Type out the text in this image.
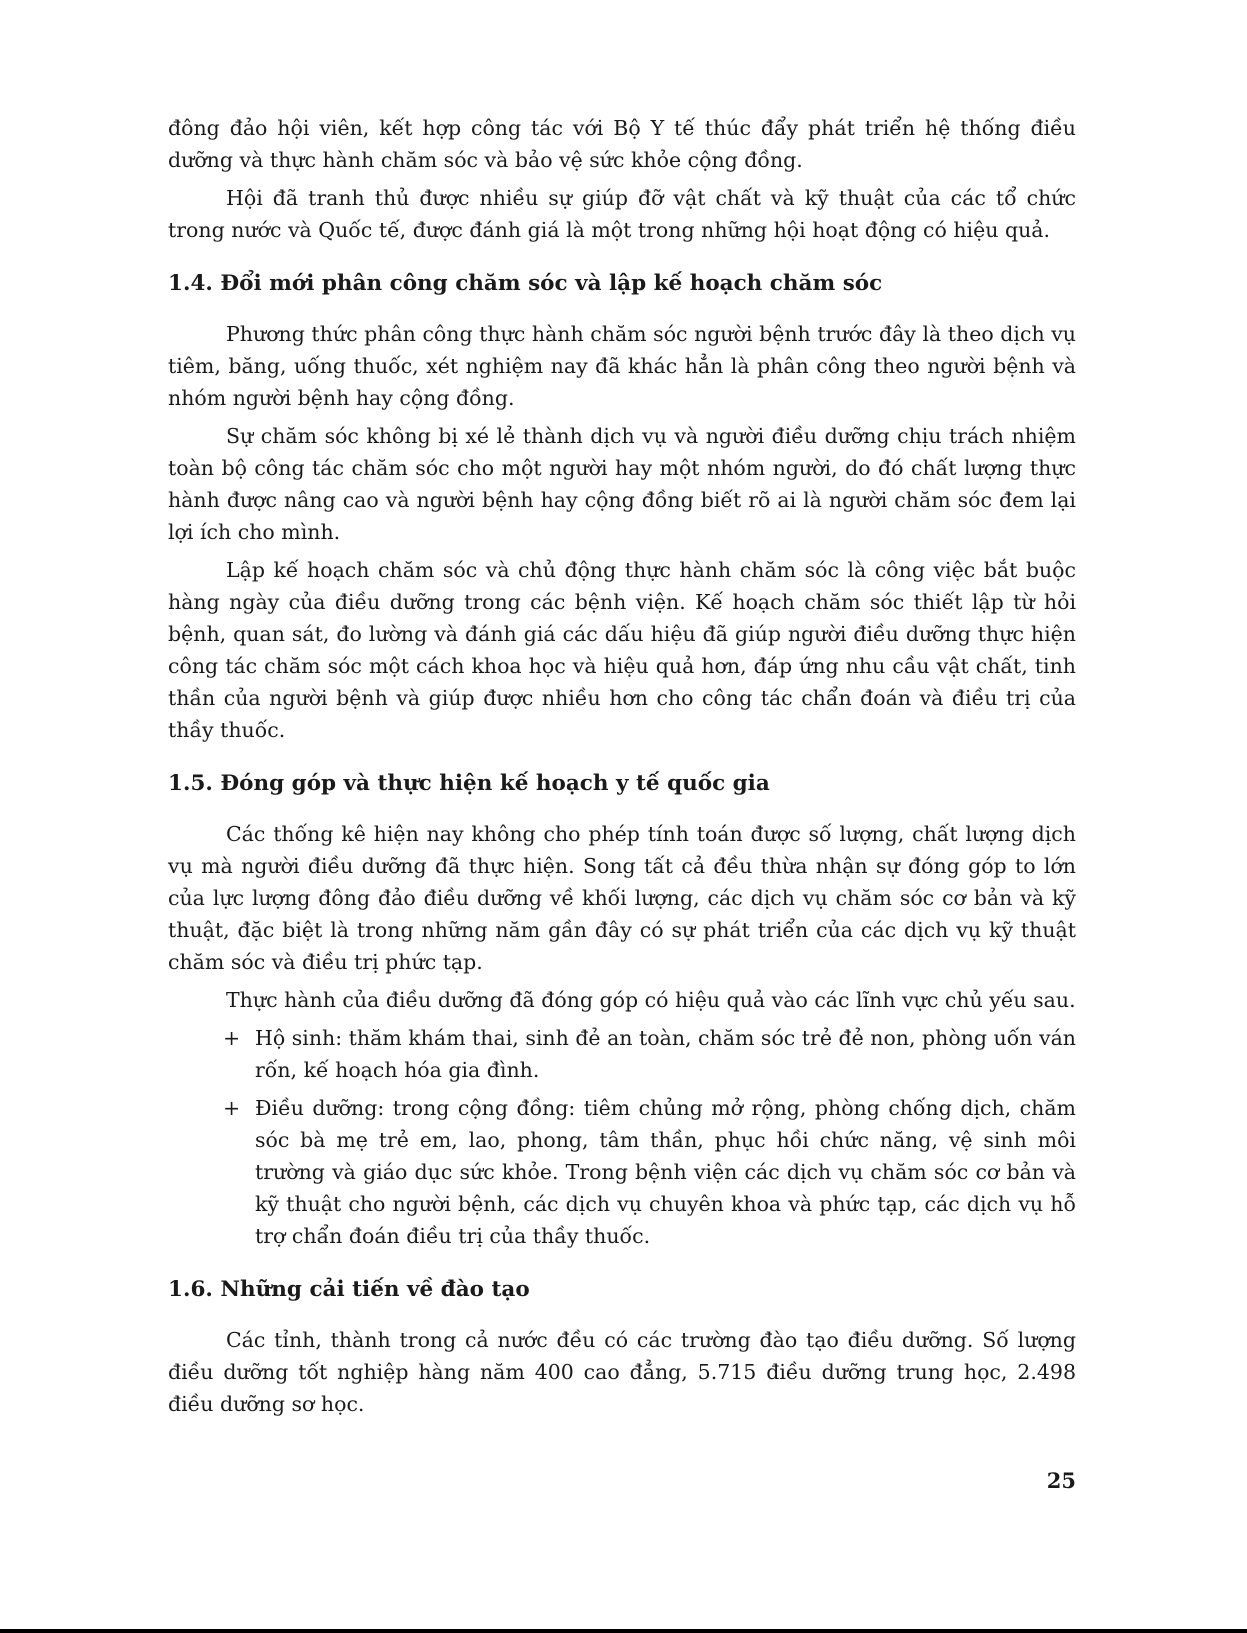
đông đảo hội viên, kết hợp công tác với Bộ Y tế thúc đẩy phát triển hệ thống điều dưỡng và thực hành chăm sóc và bảo vệ sức khỏe cộng đồng.

Hội đã tranh thủ được nhiều sự giúp đỡ vật chất và kỹ thuật của các tổ chức trong nước và Quốc tế, được đánh giá là một trong những hội hoạt động có hiệu quả.

1.4. Đổi mới phân công chăm sóc và lập kế hoạch chăm sóc

Phương thức phân công thực hành chăm sóc người bệnh trước đây là theo dịch vụ tiêm, băng, uống thuốc, xét nghiệm nay đã khác hẳn là phân công theo người bệnh và nhóm người bệnh hay cộng đồng.

Sự chăm sóc không bị xé lẻ thành dịch vụ và người điều dưỡng chịu trách nhiệm toàn bộ công tác chăm sóc cho một người hay một nhóm người, do đó chất lượng thực hành được nâng cao và người bệnh hay cộng đồng biết rõ ai là người chăm sóc đem lại lợi ích cho mình.

Lập kế hoạch chăm sóc và chủ động thực hành chăm sóc là công việc bắt buộc hàng ngày của điều dưỡng trong các bệnh viện. Kế hoạch chăm sóc thiết lập từ hỏi bệnh, quan sát, đo lường và đánh giá các dấu hiệu đã giúp người điều dưỡng thực hiện công tác chăm sóc một cách khoa học và hiệu quả hơn, đáp ứng nhu cầu vật chất, tinh thần của người bệnh và giúp được nhiều hơn cho công tác chẩn đoán và điều trị của thầy thuốc.

1.5. Đóng góp và thực hiện kế hoạch y tế quốc gia

Các thống kê hiện nay không cho phép tính toán được số lượng, chất lượng dịch vụ mà người điều dưỡng đã thực hiện. Song tất cả đều thừa nhận sự đóng góp to lớn của lực lượng đông đảo điều dưỡng về khối lượng, các dịch vụ chăm sóc cơ bản và kỹ thuật, đặc biệt là trong những năm gần đây có sự phát triển của các dịch vụ kỹ thuật chăm sóc và điều trị phức tạp.

Thực hành của điều dưỡng đã đóng góp có hiệu quả vào các lĩnh vực chủ yếu sau.

+ Hộ sinh: thăm khám thai, sinh đẻ an toàn, chăm sóc trẻ đẻ non, phòng uốn ván rốn, kế hoạch hóa gia đình.
+ Điều dưỡng: trong cộng đồng: tiêm chủng mở rộng, phòng chống dịch, chăm sóc bà mẹ trẻ em, lao, phong, tâm thần, phục hồi chức năng, vệ sinh môi trường và giáo dục sức khỏe. Trong bệnh viện các dịch vụ chăm sóc cơ bản và kỹ thuật cho người bệnh, các dịch vụ chuyên khoa và phức tạp, các dịch vụ hỗ trợ chẩn đoán điều trị của thầy thuốc.
1.6. Những cải tiến về đào tạo

Các tỉnh, thành trong cả nước đều có các trường đào tạo điều dưỡng. Số lượng điều dưỡng tốt nghiệp hàng năm 400 cao đẳng, 5.715 điều dưỡng trung học, 2.498 điều dưỡng sơ học.

25
